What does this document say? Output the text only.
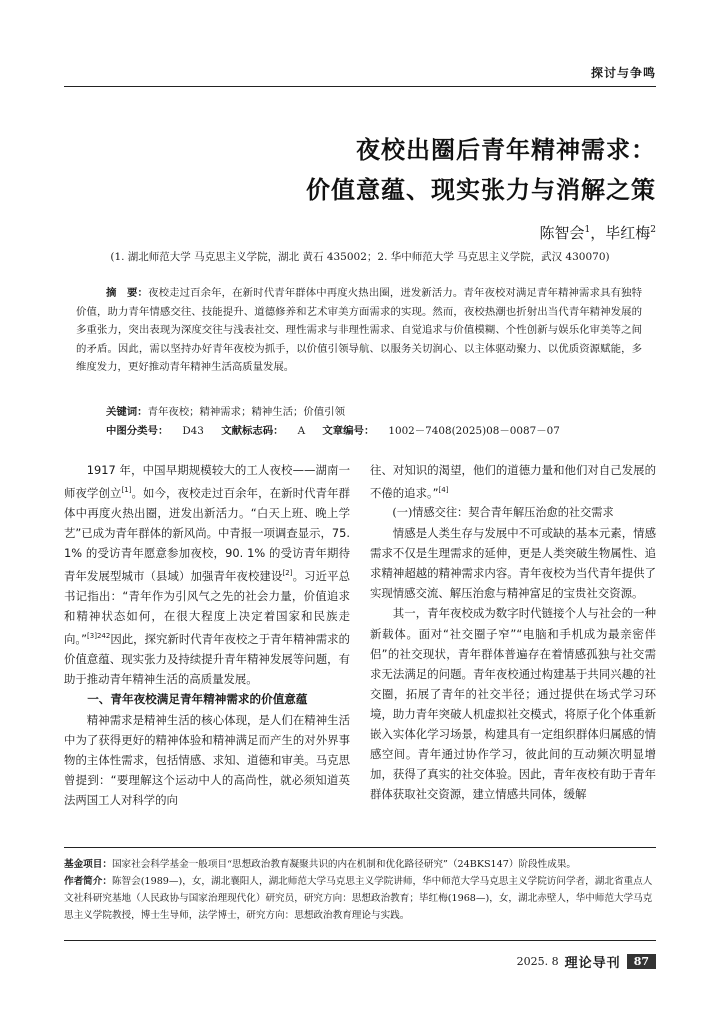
探讨与争鸣
夜校出圈后青年精神需求：
价值意蕴、现实张力与消解之策
陈智会$^1$，毕红梅$^2$
(1. 湖北师范大学 马克思主义学院，湖北 黄石 435002；2. 华中师范大学 马克思主义学院，武汉 430070)
摘　要：夜校走过百余年，在新时代青年群体中再度火热出圈，迸发新活力。青年夜校对满足青年精神需求具有独特价值，助力青年情感交往、技能提升、道德修养和艺术审美方面需求的实现。然而，夜校热潮也折射出当代青年精神发展的多重张力，突出表现为深度交往与浅表社交、理性需求与非理性需求、自觉追求与价值模糊、个性创新与娱乐化审美等之间的矛盾。因此，需以坚持办好青年夜校为抓手，以价值引领导航、以服务关切润心、以主体驱动聚力、以优质资源赋能，多维度发力，更好推动青年精神生活高质量发展。
关键词：青年夜校；精神需求；精神生活；价值引领
中图分类号： D43 文献标志码： A 文章编号： 1002－7408(2025)08－0087－07

1917 年，中国早期规模较大的工人夜校——湖南一师夜学创立[1]。如今，夜校走过百余年，在新时代青年群体中再度火热出圈，迸发出新活力。“白天上班、晚上学艺”已成为青年群体的新风尚。中青报一项调查显示，75. 1% 的受访青年愿意参加夜校，90. 1% 的受访青年期待青年发展型城市（县域）加强青年夜校建设[2]。习近平总书记指出：“青年作为引风气之先的社会力量，价值追求和精神状态如何，在很大程度上决定着国家和民族走向。”$^{[3]242}$因此，探究新时代青年夜校之于青年精神需求的价值意蕴、现实张力及持续提升青年精神发展等问题，有助于推动青年精神生活的高质量发展。

一、青年夜校满足青年精神需求的价值意蕴

精神需求是精神生活的核心体现，是人们在精神生活中为了获得更好的精神体验和精神满足而产生的对外界事物的主体性需求，包括情感、求知、道德和审美。马克思曾提到：“要理解这个运动中人的高尚性，就必须知道英法两国工人对科学的向

往、对知识的渴望，他们的道德力量和他们对自己发展的不倦的追求。”[4]

(一)情感交往：契合青年解压治愈的社交需求

情感是人类生存与发展中不可或缺的基本元素，情感需求不仅是生理需求的延伸，更是人类突破生物属性、追求精神超越的精神需求内容。青年夜校为当代青年提供了实现情感交流、解压治愈与精神富足的宝贵社交资源。

其一，青年夜校成为数字时代链接个人与社会的一种新载体。面对“社交圈子窄”“电脑和手机成为最亲密伴侣”的社交现状，青年群体普遍存在着情感孤独与社交需求无法满足的问题。青年夜校通过构建基于共同兴趣的社交圈，拓展了青年的社交半径；通过提供在场式学习环境，助力青年突破人机虚拟社交模式，将原子化个体重新嵌入实体化学习场景，构建具有一定组织群体归属感的情感空间。青年通过协作学习，彼此间的互动频次明显增加，获得了真实的社交体验。因此，青年夜校有助于青年群体获取社交资源，建立情感共同体，缓解

基金项目：国家社会科学基金一般项目“思想政治教育凝聚共识的内在机制和优化路径研究”（24BKS147）阶段性成果。

作者简介：陈智会(1989—)，女，湖北襄阳人，湖北师范大学马克思主义学院讲师，华中师范大学马克思主义学院访问学者，湖北省重点人文社科研究基地（人民政协与国家治理现代化）研究员，研究方向：思想政治教育；毕红梅(1968—)，女，湖北赤壁人，华中师范大学马克思主义学院教授，博士生导师，法学博士，研究方向：思想政治教育理论与实践。

2025. 8 理论导刊	87
